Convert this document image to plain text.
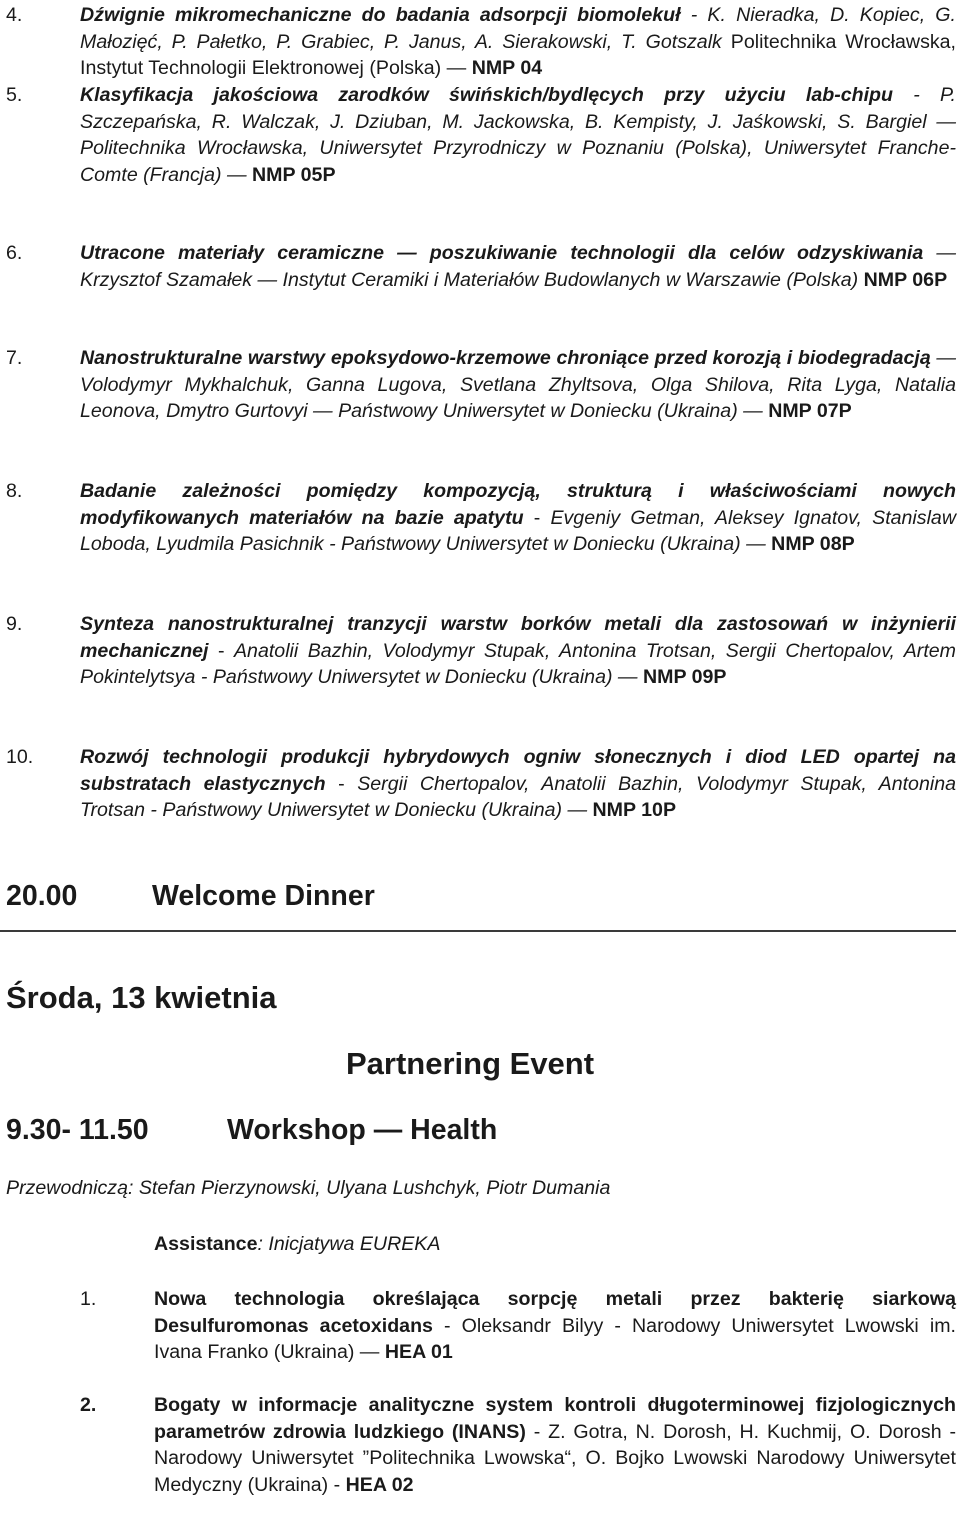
4.	Dźwignie mikromechaniczne do badania adsorpcji biomolekuł - K. Nieradka, D. Kopiec, G. Małozięć, P. Pałetko, P. Grabiec, P. Janus, A. Sierakowski, T. Gotszalk Politechnika Wrocławska, Instytut Technologii Elektronowej (Polska) — NMP 04
5.	Klasyfikacja jakościowa zarodków świńskich/bydlęcych przy użyciu lab-chipu - P. Szczepańska, R. Walczak, J. Dziuban, M. Jackowska, B. Kempisty, J. Jaśkowski, S. Bargiel — Politechnika Wrocławska, Uniwersytet Przyrodniczy w Poznaniu (Polska), Uniwersytet Franche-Comte (Francja) — NMP 05P
6.	Utracone materiały ceramiczne — poszukiwanie technologii dla celów odzyskiwania — Krzysztof Szamałek — Instytut Ceramiki i Materiałów Budowlanych w Warszawie (Polska) NMP 06P
7.	Nanostrukturalne warstwy epoksydowo-krzemowe chroniące przed korozją i biodegradacją — Volodymyr Mykhalchuk, Ganna Lugova, Svetlana Zhyltsova, Olga Shilova, Rita Lyga, Natalia Leonova, Dmytro Gurtovyi — Państwowy Uniwersytet w Doniecku (Ukraina) — NMP 07P
8.	Badanie zależności pomiędzy kompozycją, strukturą i właściwościami nowych modyfikowanych materiałów na bazie apatytu - Evgeniy Getman, Aleksey Ignatov, Stanislaw Loboda, Lyudmila Pasichnik - Państwowy Uniwersytet w Doniecku (Ukraina) — NMP 08P
9.	Synteza nanostrukturalnej tranzycji warstw borków metali dla zastosowań w inżynierii mechanicznej - Anatolii Bazhin, Volodymyr Stupak, Antonina Trotsan, Sergii Chertopalov, Artem Pokintelytsya - Państwowy Uniwersytet w Doniecku (Ukraina) — NMP 09P
10. Rozwój technologii produkcji hybrydowych ogniw słonecznych i diod LED opartej na substratach elastycznych - Sergii Chertopalov, Anatolii Bazhin, Volodymyr Stupak, Antonina Trotsan - Państwowy Uniwersytet w Doniecku (Ukraina) — NMP 10P
20.00	Welcome Dinner
Środa, 13 kwietnia
Partnering Event
9.30- 11.50	Workshop — Health
Przewodniczą: Stefan Pierzynowski, Ulyana Lushchyk, Piotr Dumania
Assistance: Inicjatywa EUREKA
1.	Nowa technologia określająca sorpcję metali przez bakterię siarkową Desulfuromonas acetoxidans - Oleksandr Bilyy - Narodowy Uniwersytet Lwowski im. Ivana Franko (Ukraina) — HEA 01
2.	Bogaty w informacje analityczne system kontroli długoterminowej fizjologicznych parametrów zdrowia ludzkiego (INANS) - Z. Gotra, N. Dorosh, H. Kuchmij, O. Dorosh - Narodowy Uniwersytet ”Politechnika Lwowska“, O. Bojko Lwowski Narodowy Uniwersytet Medyczny (Ukraina) - HEA 02
